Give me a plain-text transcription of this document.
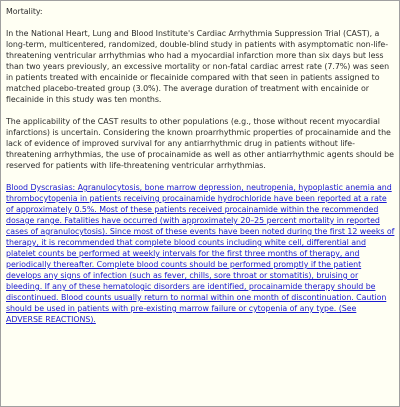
Mortality:

In the National Heart, Lung and Blood Institute's Cardiac Arrhythmia Suppression Trial (CAST), a long-term, multicentered, randomized, double-blind study in patients with asymptomatic non-life-threatening ventricular arrhythmias who had a myocardial infarction more than six days but less than two years previously, an excessive mortality or non-fatal cardiac arrest rate (7.7%) was seen in patients treated with encainide or flecainide compared with that seen in patients assigned to matched placebo-treated group (3.0%). The average duration of treatment with encainide or flecainide in this study was ten months.

The applicability of the CAST results to other populations (e.g., those without recent myocardial infarctions) is uncertain. Considering the known proarrhythmic properties of procainamide and the lack of evidence of improved survival for any antiarrhythmic drug in patients without life-threatening arrhythmias, the use of procainamide as well as other antiarrhythmic agents should be reserved for patients with life-threatening ventricular arrhythmias.

Blood Dyscrasias: Agranulocytosis, bone marrow depression, neutropenia, hypoplastic anemia and thrombocytopenia in patients receiving procainamide hydrochloride have been reported at a rate of approximately 0.5%. Most of these patients received procainamide within the recommended dosage range. Fatalities have occurred (with approximately 20–25 percent mortality in reported cases of agranulocytosis). Since most of these events have been noted during the first 12 weeks of therapy, it is recommended that complete blood counts including white cell, differential and platelet counts be performed at weekly intervals for the first three months of therapy, and periodically thereafter. Complete blood counts should be performed promptly if the patient develops any signs of infection (such as fever, chills, sore throat or stomatitis), bruising or bleeding. If any of these hematologic disorders are identified, procainamide therapy should be discontinued. Blood counts usually return to normal within one month of discontinuation. Caution should be used in patients with pre-existing marrow failure or cytopenia of any type. (See ADVERSE REACTIONS).
